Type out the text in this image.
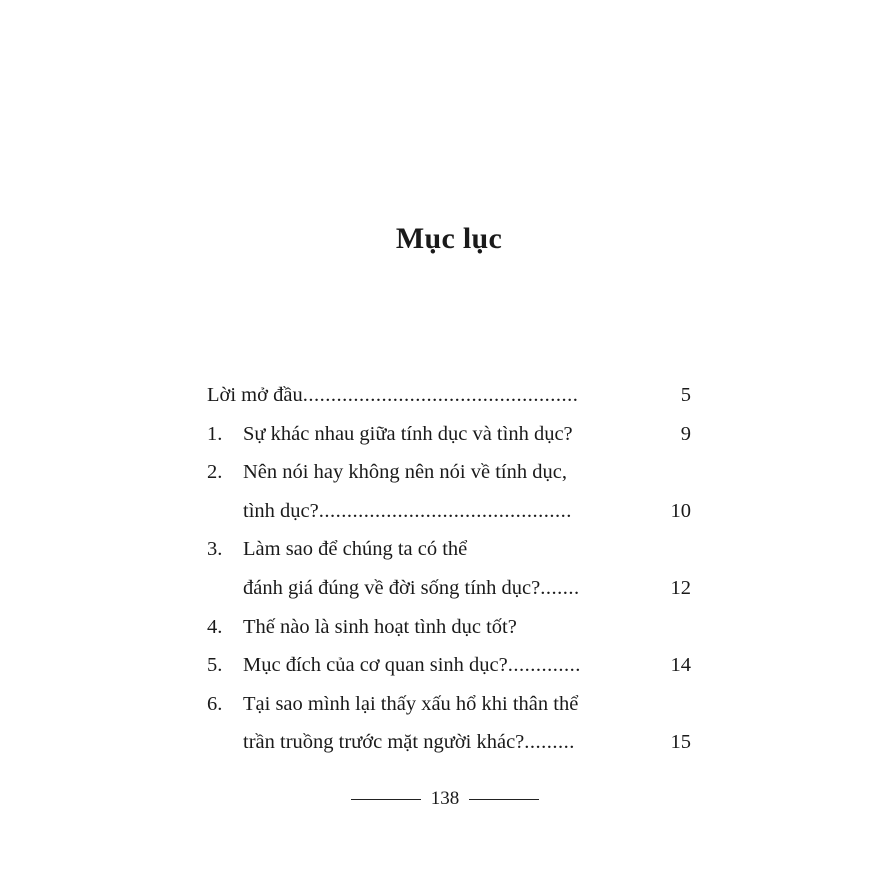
Mục lục
Lời mở đầu.................................................	5
1. Sự khác nhau giữa tính dục và tình dục?	9
2. Nên nói hay không nên nói về tính dục,
tình dục?.............................................	10
3. Làm sao để chúng ta có thể
đánh giá đúng về đời sống tính dục?.......	12
4. Thế nào là sinh hoạt tình dục tốt?
5. Mục đích của cơ quan sinh dục?.............	14
6. Tại sao mình lại thấy xấu hổ khi thân thể
trần truồng trước mặt người khác?.........	15
138
